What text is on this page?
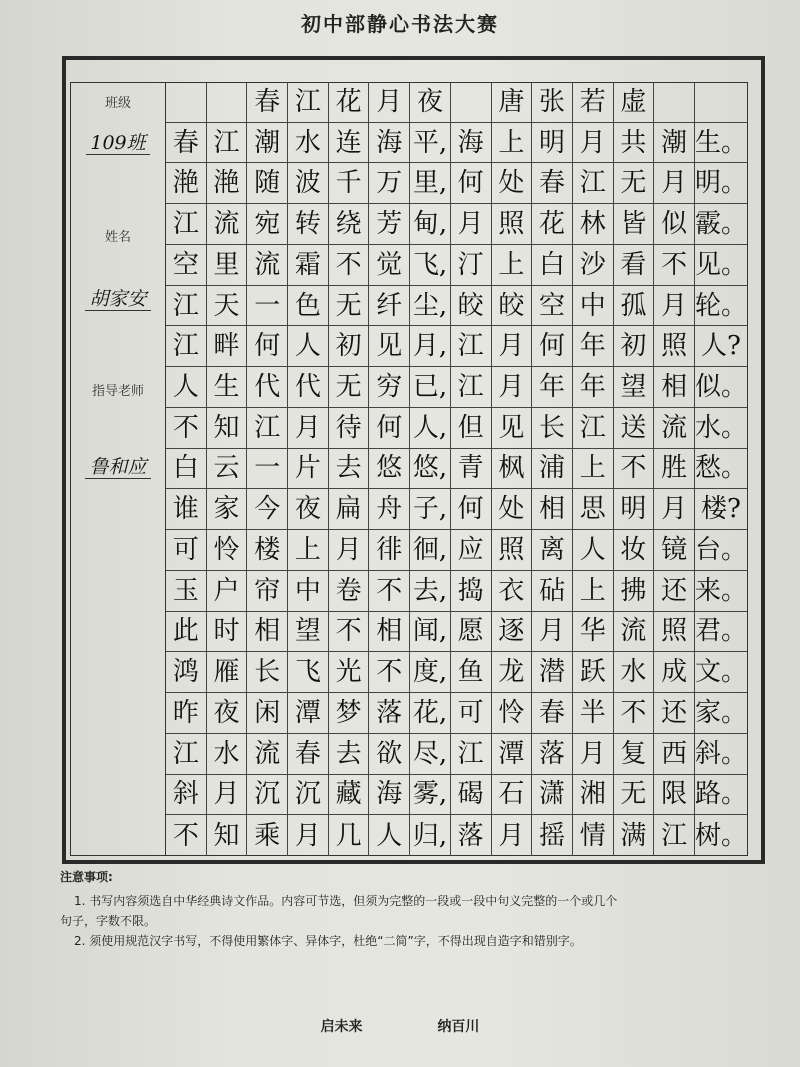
初中部静心书法大赛
班级
109班
姓名
胡家安
指导老师
鲁和应
春 江 花 月 夜	唐 张 若 虚
春 江 潮 水 连 海 平, 海 上 明 月 共 潮 生。
滟 滟 随 波 千 万 里, 何 处 春 江 无 月 明。
江 流 宛 转 绕 芳 甸, 月 照 花 林 皆 似 霰。
空 里 流 霜 不 觉 飞, 汀 上 白 沙 看 不 见。
江 天 一 色 无 纤 尘, 皎 皎 空 中 孤 月 轮。
江 畔 何 人 初 见 月, 江 月 何 年 初 照 人?
人 生 代 代 无 穷 已, 江 月 年 年 望 相 似。
不 知 江 月 待 何 人, 但 见 长 江 送 流 水。
白 云 一 片 去 悠 悠, 青 枫 浦 上 不 胜 愁。
谁 家 今 夜 扁 舟 子, 何 处 相 思 明 月 楼?
可 怜 楼 上 月 徘 徊, 应 照 离 人 妆 镜 台。
玉 户 帘 中 卷 不 去, 捣 衣 砧 上 拂 还 来。
此 时 相 望 不 相 闻, 愿 逐 月 华 流 照 君。
鸿 雁 长 飞 光 不 度, 鱼 龙 潜 跃 水 成 文。
昨 夜 闲 潭 梦 落 花, 可 怜 春 半 不 还 家。
江 水 流 春 去 欲 尽, 江 潭 落 月 复 西 斜。
斜 月 沉 沉 藏 海 雾, 碣 石 潇 湘 无 限 路。
不 知 乘 月 几 人 归, 落 月 摇 情 满 江 树。
注意事项:
1. 书写内容须选自中华经典诗文作品。内容可节选，但须为完整的一段或一段中句义完整的一个或几个
句子，字数不限。
2. 须使用规范汉字书写，不得使用繁体字、异体字，杜绝“二简”字，不得出现自造字和错别字。
启未来	纳百川
